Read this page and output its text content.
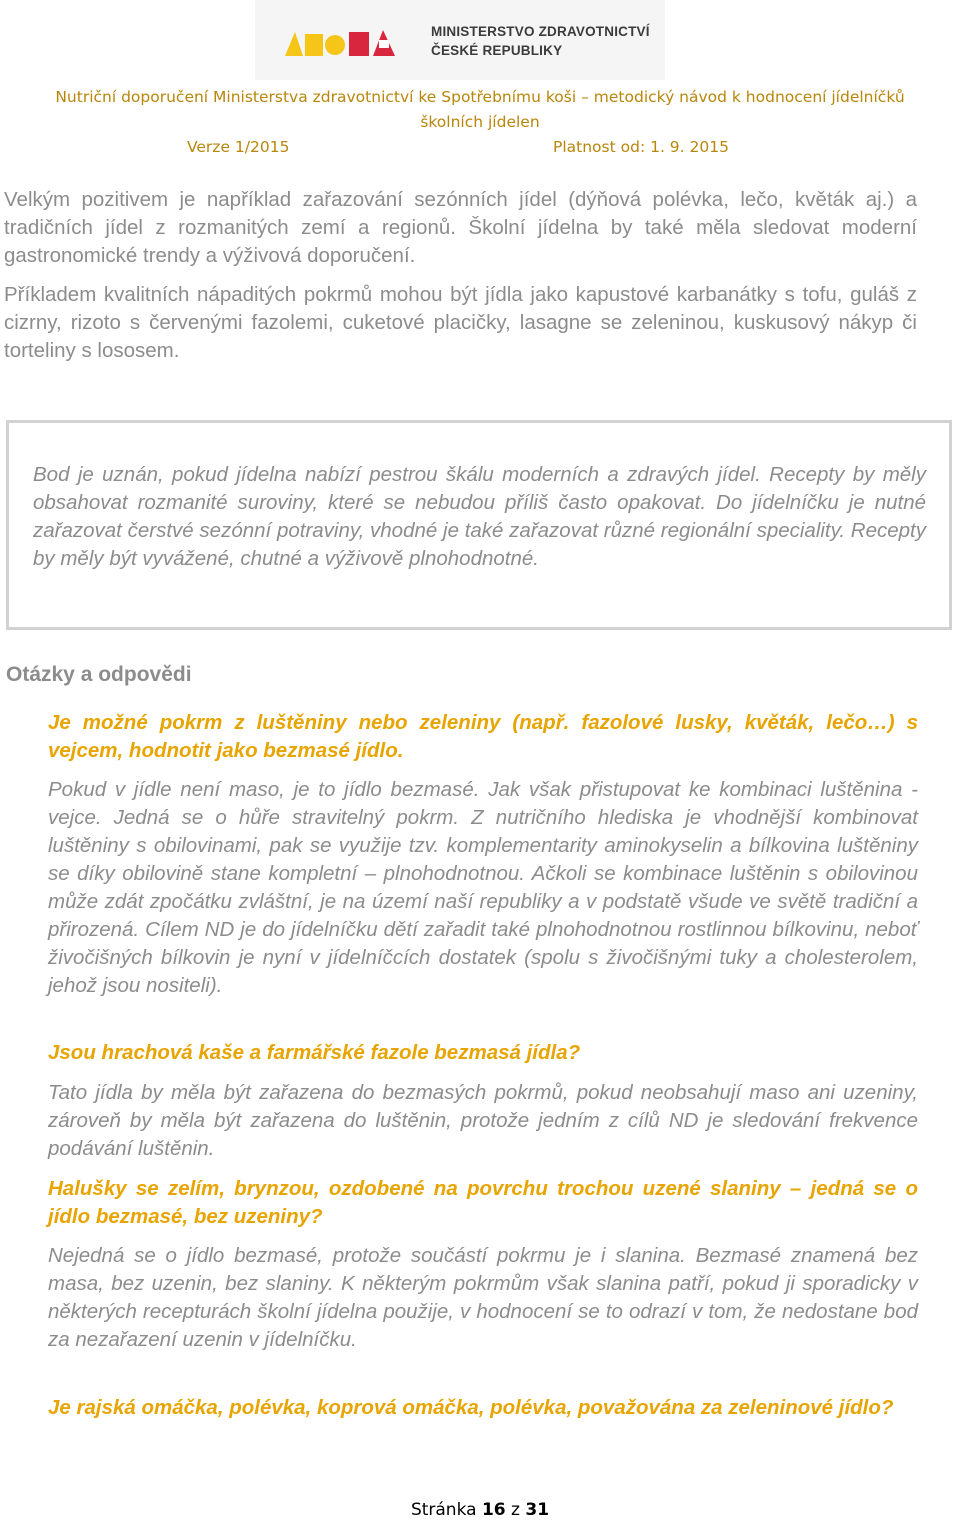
MINISTERSTVO ZDRAVOTNICTVÍ
ČESKÉ REPUBLIKY
Nutriční doporučení Ministerstva zdravotnictví ke Spotřebnímu koši – metodický návod k hodnocení jídelníčků
školních jídelen
Verze 1/2015	Platnost od: 1. 9. 2015

Velkým pozitivem je například zařazování sezónních jídel (dýňová polévka, lečo, květák aj.) a tradičních jídel z rozmanitých zemí a regionů. Školní jídelna by také měla sledovat moderní gastronomické trendy a výživová doporučení.

Příkladem kvalitních nápaditých pokrmů mohou být jídla jako kapustové karbanátky s tofu, guláš z cizrny, rizoto s červenými fazolemi, cuketové placičky, lasagne se zeleninou, kuskusový nákyp či torteliny s lososem.

Bod je uznán, pokud jídelna nabízí pestrou škálu moderních a zdravých jídel. Recepty by měly obsahovat rozmanité suroviny, které se nebudou příliš často opakovat. Do jídelníčku je nutné zařazovat čerstvé sezónní potraviny, vhodné je také zařazovat různé regionální speciality. Recepty by měly být vyvážené, chutné a výživově plnohodnotné.

Otázky a odpovědi

Je možné pokrm z luštěniny nebo zeleniny (např. fazolové lusky, květák, lečo…) s vejcem, hodnotit jako bezmasé jídlo.

Pokud v jídle není maso, je to jídlo bezmasé. Jak však přistupovat ke kombinaci luštěnina - vejce. Jedná se o hůře stravitelný pokrm. Z nutričního hlediska je vhodnější kombinovat luštěniny s obilovinami, pak se využije tzv. komplementarity aminokyselin a bílkovina luštěniny se díky obilovině stane kompletní – plnohodnotnou. Ačkoli se kombinace luštěnin s obilovinou může zdát zpočátku zvláštní, je na území naší republiky a v podstatě všude ve světě tradiční a přirozená. Cílem ND je do jídelníčku dětí zařadit také plnohodnotnou rostlinnou bílkovinu, neboť živočišných bílkovin je nyní v jídelníčcích dostatek (spolu s živočišnými tuky a cholesterolem, jehož jsou nositeli).

Jsou hrachová kaše a farmářské fazole bezmasá jídla?

Tato jídla by měla být zařazena do bezmasých pokrmů, pokud neobsahují maso ani uzeniny, zároveň by měla být zařazena do luštěnin, protože jedním z cílů ND je sledování frekvence podávání luštěnin.

Halušky se zelím, brynzou, ozdobené na povrchu trochou uzené slaniny – jedná se o jídlo bezmasé, bez uzeniny?

Nejedná se o jídlo bezmasé, protože součástí pokrmu je i slanina. Bezmasé znamená bez masa, bez uzenin, bez slaniny. K některým pokrmům však slanina patří, pokud ji sporadicky v některých recepturách školní jídelna použije, v hodnocení se to odrazí v tom, že nedostane bod za nezařazení uzenin v jídelníčku.

Je rajská omáčka, polévka, koprová omáčka, polévka, považována za zeleninové jídlo?

Stránka 16 z 31
